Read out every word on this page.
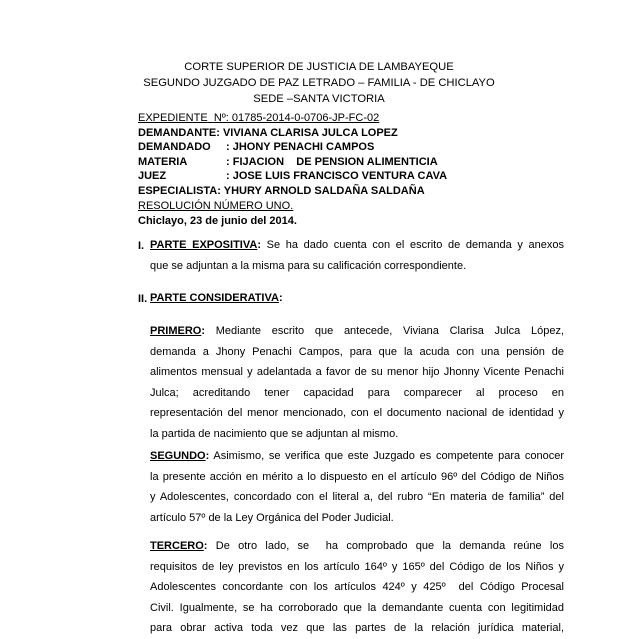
CORTE SUPERIOR DE JUSTICIA DE LAMBAYEQUE
SEGUNDO JUZGADO DE PAZ LETRADO – FAMILIA - DE CHICLAYO
SEDE –SANTA VICTORIA
EXPEDIENTE Nº: 01785-2014-0-0706-JP-FC-02
DEMANDANTE: VIVIANA CLARISA JULCA LOPEZ
DEMANDADO : JHONY PENACHI CAMPOS
MATERIA	: FIJACION    DE PENSION ALIMENTICIA
JUEZ	: JOSE LUIS FRANCISCO VENTURA CAVA
ESPECIALISTA: YHURY ARNOLD SALDAÑA SALDAÑA
RESOLUCIÓN NÚMERO UNO.
Chiclayo, 23 de junio del 2014.
I. PARTE EXPOSITIVA: Se ha dado cuenta con el escrito de demanda y anexos
que se adjuntan a la misma para su calificación correspondiente.
II. PARTE CONSIDERATIVA:
PRIMERO: Mediante escrito que antecede, Viviana Clarisa Julca López,
demanda a Jhony Penachi Campos, para que la acuda con una pensión de
alimentos mensual y adelantada a favor de su menor hijo Jhonny Vicente Penachi
Julca; acreditando tener capacidad para comparecer al proceso en
representación del menor mencionado, con el documento nacional de identidad y
la partida de nacimiento que se adjuntan al mismo.
SEGUNDO: Asimismo, se verifica que este Juzgado es competente para conocer
la presente acción en mérito a lo dispuesto en el artículo 96º del Código de Niños
y Adolescentes, concordado con el literal a, del rubro “En materia de familia” del
artículo 57º de la Ley Orgánica del Poder Judicial.
TERCERO: De otro lado, se  ha comprobado que la demanda reúne los
requisitos de ley previstos en los artículo 164º y 165º del Código de los Niños y
Adolescentes concordante con los artículos 424º y 425º  del Código Procesal
Civil. Igualmente, se ha corroborado que la demandante cuenta con legitimidad
para obrar activa toda vez que las partes de la relación jurídica material,
